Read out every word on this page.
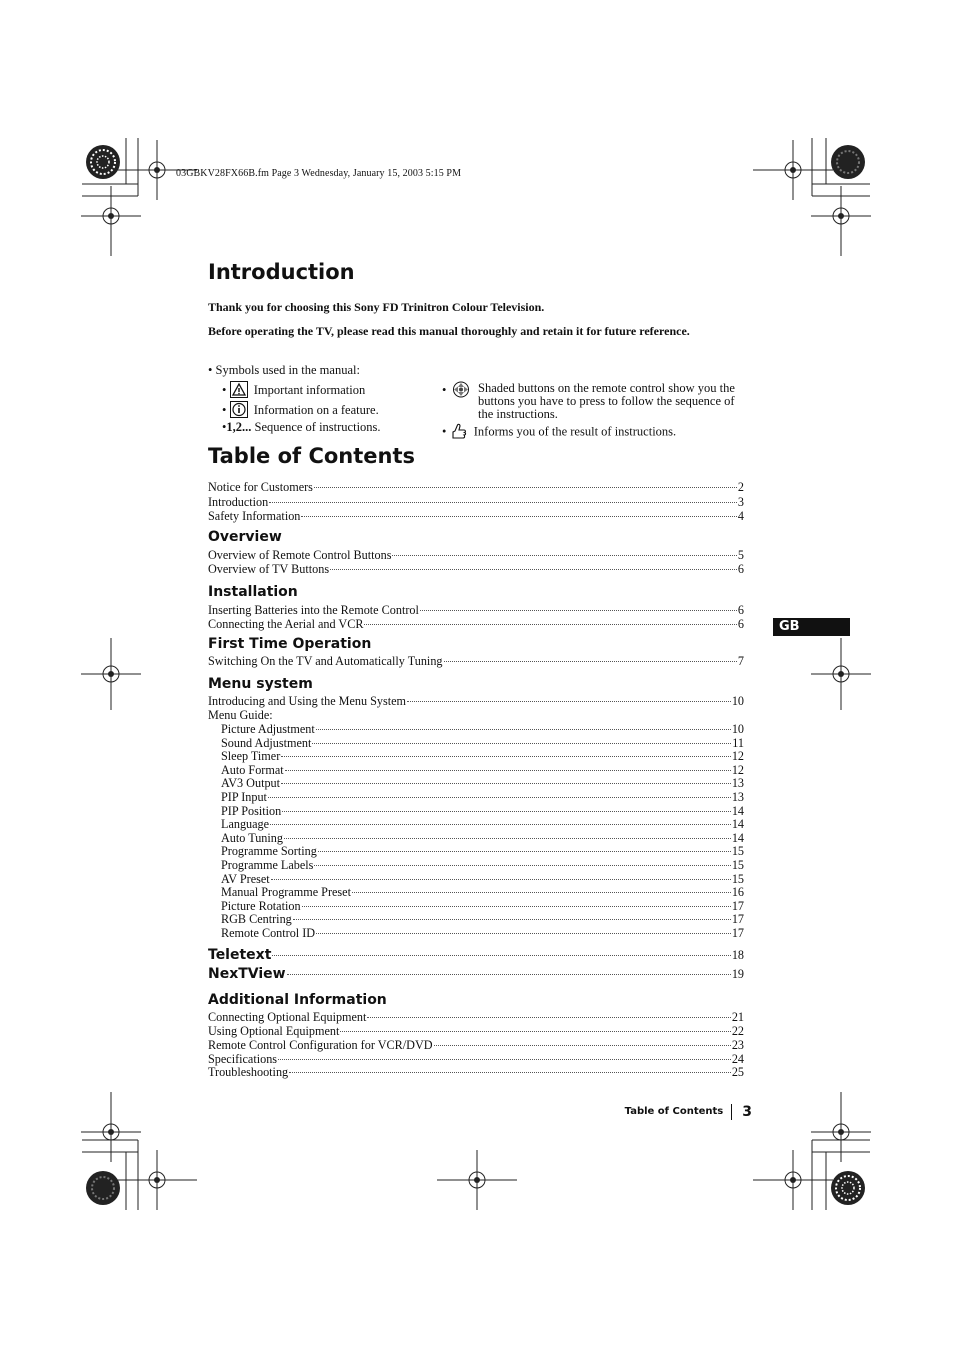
03GBKV28FX66B.fm Page 3 Wednesday, January 15, 2003 5:15 PM
Introduction
Thank you for choosing this Sony FD Trinitron Colour Television.
Before operating the TV, please read this manual thoroughly and retain it for future reference.
• Symbols used in the manual:
•   Important information
•   Information on a feature.
•1,2... Sequence of instructions.
•	Shaded buttons on the remote control show you the buttons you have to press to follow the sequence of the instructions.
•   Informs you of the result of instructions.
Table of Contents
Notice for Customers	2
Introduction	3
Safety Information	4
Overview
Overview of Remote Control Buttons	5
Overview of TV Buttons	6
Installation
Inserting Batteries into the Remote Control	6
Connecting the Aerial and VCR	6
First Time Operation
Switching On the TV and Automatically Tuning	7
Menu system
Introducing and Using the Menu System	10
Menu Guide:
Picture Adjustment	10
Sound Adjustment	11
Sleep Timer	12
Auto Format	12
AV3 Output	13
PIP Input	13
PIP Position	14
Language	14
Auto Tuning	14
Programme Sorting	15
Programme Labels	15
AV Preset	15
Manual Programme Preset	16
Picture Rotation	17
RGB Centring	17
Remote Control ID	17
Teletext	18
NexTView	19
Additional Information
Connecting Optional Equipment	21
Using Optional Equipment	22
Remote Control Configuration for VCR/DVD	23
Specifications	24
Troubleshooting	25
GB
Table of Contents	3
